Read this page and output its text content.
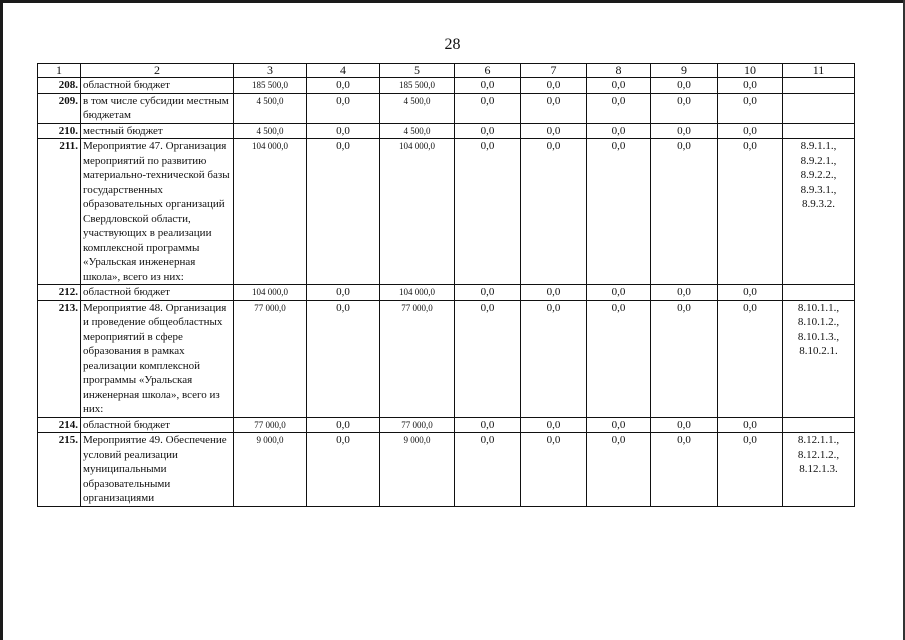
28
1	2	3	4	5	6	7	8	9	10	11
208.	областной бюджет	185 500,0	0,0	185 500,0	0,0	0,0	0,0	0,0	0,0	
209.	в том числе субсидии местным бюджетам	4 500,0	0,0	4 500,0	0,0	0,0	0,0	0,0	0,0	
210.	местный бюджет	4 500,0	0,0	4 500,0	0,0	0,0	0,0	0,0	0,0	
211.	Мероприятие 47. Организация мероприятий по развитию материально-технической базы государственных образовательных организаций Свердловской области, участвующих в реализации комплексной программы «Уральская инженерная школа», всего из них:	104 000,0	0,0	104 000,0	0,0	0,0	0,0	0,0	0,0	8.9.1.1., 8.9.2.1., 8.9.2.2., 8.9.3.1., 8.9.3.2.
212.	областной бюджет	104 000,0	0,0	104 000,0	0,0	0,0	0,0	0,0	0,0	
213.	Мероприятие 48. Организация и проведение общеобластных мероприятий в сфере образования в рамках реализации комплексной программы «Уральская инженерная школа», всего из них:	77 000,0	0,0	77 000,0	0,0	0,0	0,0	0,0	0,0	8.10.1.1., 8.10.1.2., 8.10.1.3., 8.10.2.1.
214.	областной бюджет	77 000,0	0,0	77 000,0	0,0	0,0	0,0	0,0	0,0	
215.	Мероприятие 49. Обеспечение условий реализации муниципальными образовательными организациями	9 000,0	0,0	9 000,0	0,0	0,0	0,0	0,0	0,0	8.12.1.1., 8.12.1.2., 8.12.1.3.
